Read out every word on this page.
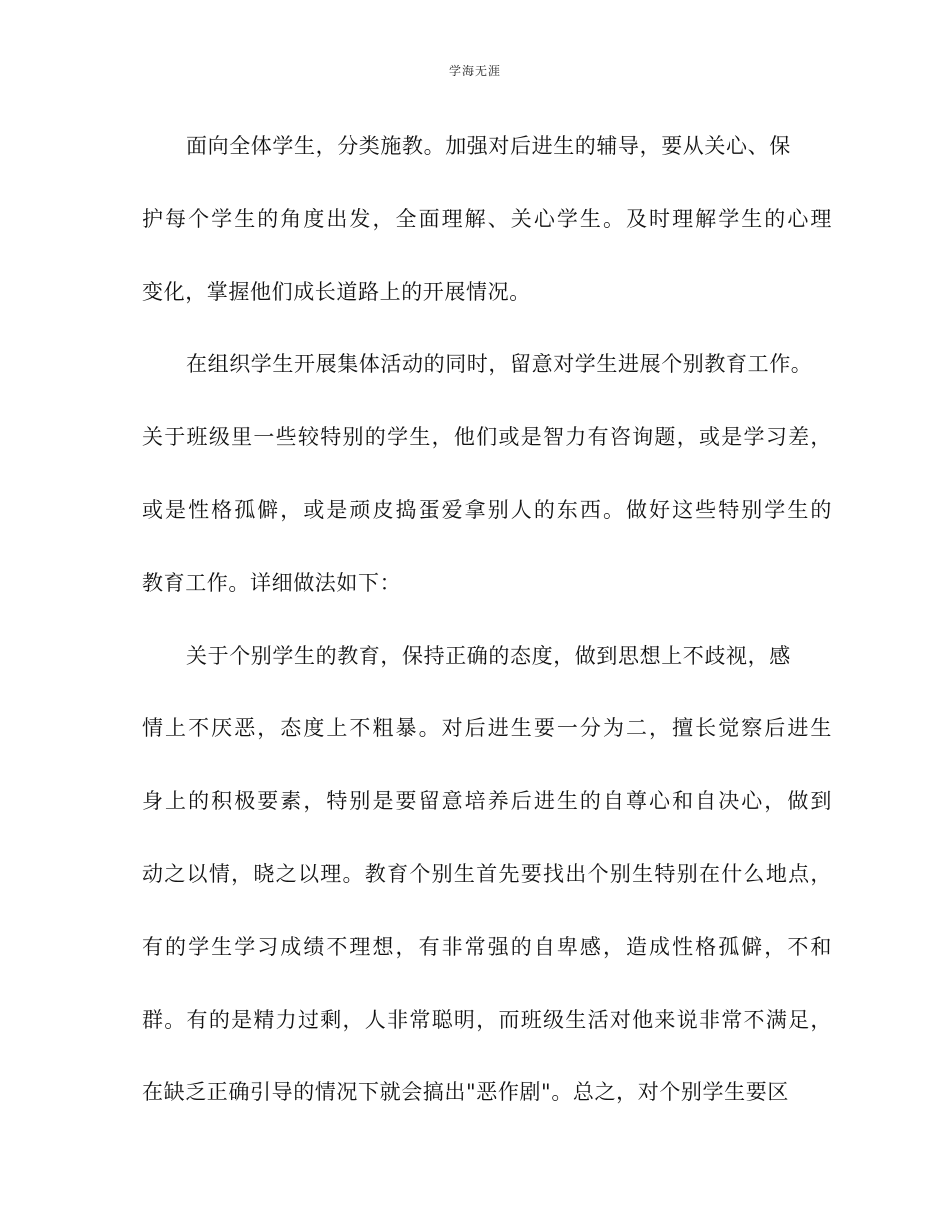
学海无涯
面向全体学生，分类施教。加强对后进生的辅导，要从关心、保
护每个学生的角度出发，全面理解、关心学生。及时理解学生的心理
变化，掌握他们成长道路上的开展情况。
在组织学生开展集体活动的同时，留意对学生进展个别教育工作。
关于班级里一些较特别的学生，他们或是智力有咨询题，或是学习差，
或是性格孤僻，或是顽皮捣蛋爱拿别人的东西。做好这些特别学生的
教育工作。详细做法如下：
关于个别学生的教育，保持正确的态度，做到思想上不歧视，感
情上不厌恶，态度上不粗暴。对后进生要一分为二，擅长觉察后进生
身上的积极要素，特别是要留意培养后进生的自尊心和自决心，做到
动之以情，晓之以理。教育个别生首先要找出个别生特别在什么地点，
有的学生学习成绩不理想，有非常强的自卑感，造成性格孤僻，不和
群。有的是精力过剩，人非常聪明，而班级生活对他来说非常不满足，
在缺乏正确引导的情况下就会搞出"恶作剧"。总之，对个别学生要区
